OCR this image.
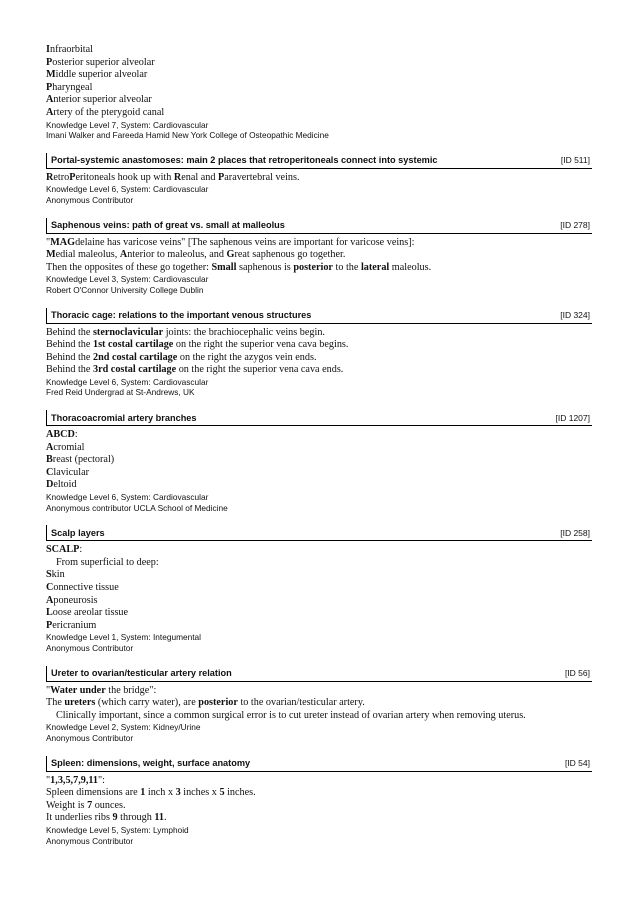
Infraorbital
Posterior superior alveolar
Middle superior alveolar
Pharyngeal
Anterior superior alveolar
Artery of the pterygoid canal
Knowledge Level 7, System: Cardiovascular
Imani Walker and Fareeda Hamid New York College of Osteopathic Medicine
Portal-systemic anastomoses: main 2 places that retroperitoneals connect into systemic	[ID 511]
RetroPeritoneals hook up with Renal and Paravertebral veins.
Knowledge Level 6, System: Cardiovascular
Anonymous Contributor
Saphenous veins: path of great vs. small at malleolus	[ID 278]
"MAGdelaine has varicose veins" [The saphenous veins are important for varicose veins]:
Medial maleolus, Anterior to maleolus, and Great saphenous go together.
Then the opposites of these go together: Small saphenous is posterior to the lateral maleolus.
Knowledge Level 3, System: Cardiovascular
Robert O'Connor University College Dublin
Thoracic cage: relations to the important venous structures	[ID 324]
Behind the sternoclavicular joints: the brachiocephalic veins begin.
Behind the 1st costal cartilage on the right the superior vena cava begins.
Behind the 2nd costal cartilage on the right the azygos vein ends.
Behind the 3rd costal cartilage on the right the superior vena cava ends.
Knowledge Level 6, System: Cardiovascular
Fred Reid Undergrad at St-Andrews, UK
Thoracoacromial artery branches	[ID 1207]
ABCD:
Acromial
Breast (pectoral)
Clavicular
Deltoid
Knowledge Level 6, System: Cardiovascular
Anonymous contributor UCLA School of Medicine
Scalp layers	[ID 258]
SCALP:
From superficial to deep:
Skin
Connective tissue
Aponeurosis
Loose areolar tissue
Pericranium
Knowledge Level 1, System: Integumental
Anonymous Contributor
Ureter to ovarian/testicular artery relation	[ID 56]
"Water under the bridge":
The ureters (which carry water), are posterior to the ovarian/testicular artery.
Clinically important, since a common surgical error is to cut ureter instead of ovarian artery when removing uterus.
Knowledge Level 2, System: Kidney/Urine
Anonymous Contributor
Spleen: dimensions, weight, surface anatomy	[ID 54]
"1,3,5,7,9,11":
Spleen dimensions are 1 inch x 3 inches x 5 inches.
Weight is 7 ounces.
It underlies ribs 9 through 11.
Knowledge Level 5, System: Lymphoid
Anonymous Contributor
